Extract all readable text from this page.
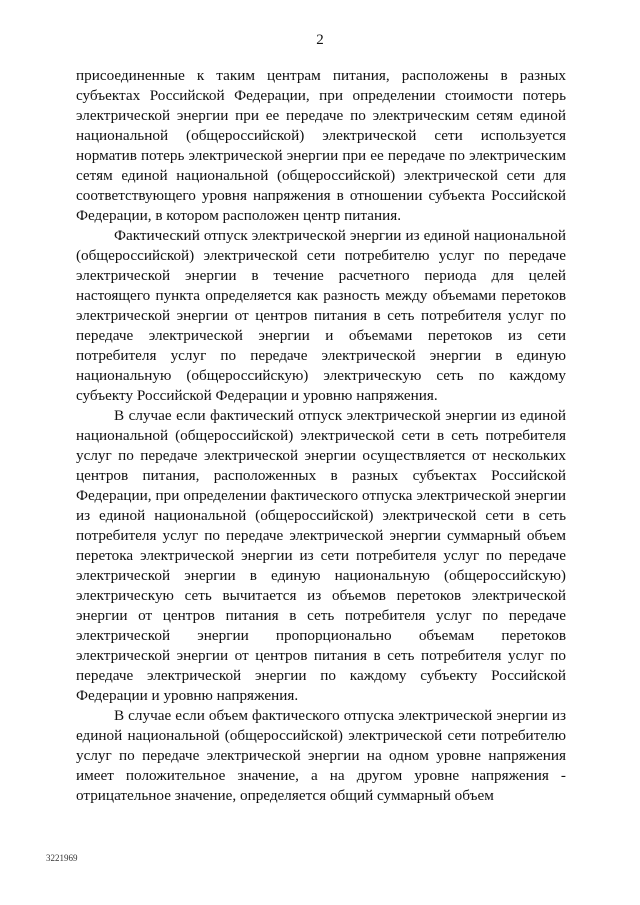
2
присоединенные к таким центрам питания, расположены в разных
субъектах Российской Федерации, при определении стоимости потерь
электрической энергии при ее передаче по электрическим сетям единой
национальной (общероссийской) электрической сети используется
норматив потерь электрической энергии при ее передаче по электрическим
сетям единой национальной (общероссийской) электрической сети для
соответствующего уровня напряжения в отношении субъекта Российской
Федерации, в котором расположен центр питания.
Фактический отпуск электрической энергии из единой национальной
(общероссийской) электрической сети потребителю услуг по передаче
электрической энергии в течение расчетного периода для целей
настоящего пункта определяется как разность между объемами перетоков
электрической энергии от центров питания в сеть потребителя услуг по
передаче электрической энергии и объемами перетоков из сети
потребителя услуг по передаче электрической энергии в единую
национальную (общероссийскую) электрическую сеть по каждому
субъекту Российской Федерации и уровню напряжения.
В случае если фактический отпуск электрической энергии из единой
национальной (общероссийской) электрической сети в сеть потребителя
услуг по передаче электрической энергии осуществляется от нескольких
центров питания, расположенных в разных субъектах Российской
Федерации, при определении фактического отпуска электрической энергии
из единой национальной (общероссийской) электрической сети в сеть
потребителя услуг по передаче электрической энергии суммарный объем
перетока электрической энергии из сети потребителя услуг по передаче
электрической энергии в единую национальную (общероссийскую)
электрическую сеть вычитается из объемов перетоков электрической
энергии от центров питания в сеть потребителя услуг по передаче
электрической энергии пропорционально объемам перетоков
электрической энергии от центров питания в сеть потребителя услуг по
передаче электрической энергии по каждому субъекту Российской
Федерации и уровню напряжения.
В случае если объем фактического отпуска электрической энергии из
единой национальной (общероссийской) электрической сети потребителю
услуг по передаче электрической энергии на одном уровне напряжения
имеет положительное значение, а на другом уровне напряжения -
отрицательное значение, определяется общий суммарный объем
3221969
